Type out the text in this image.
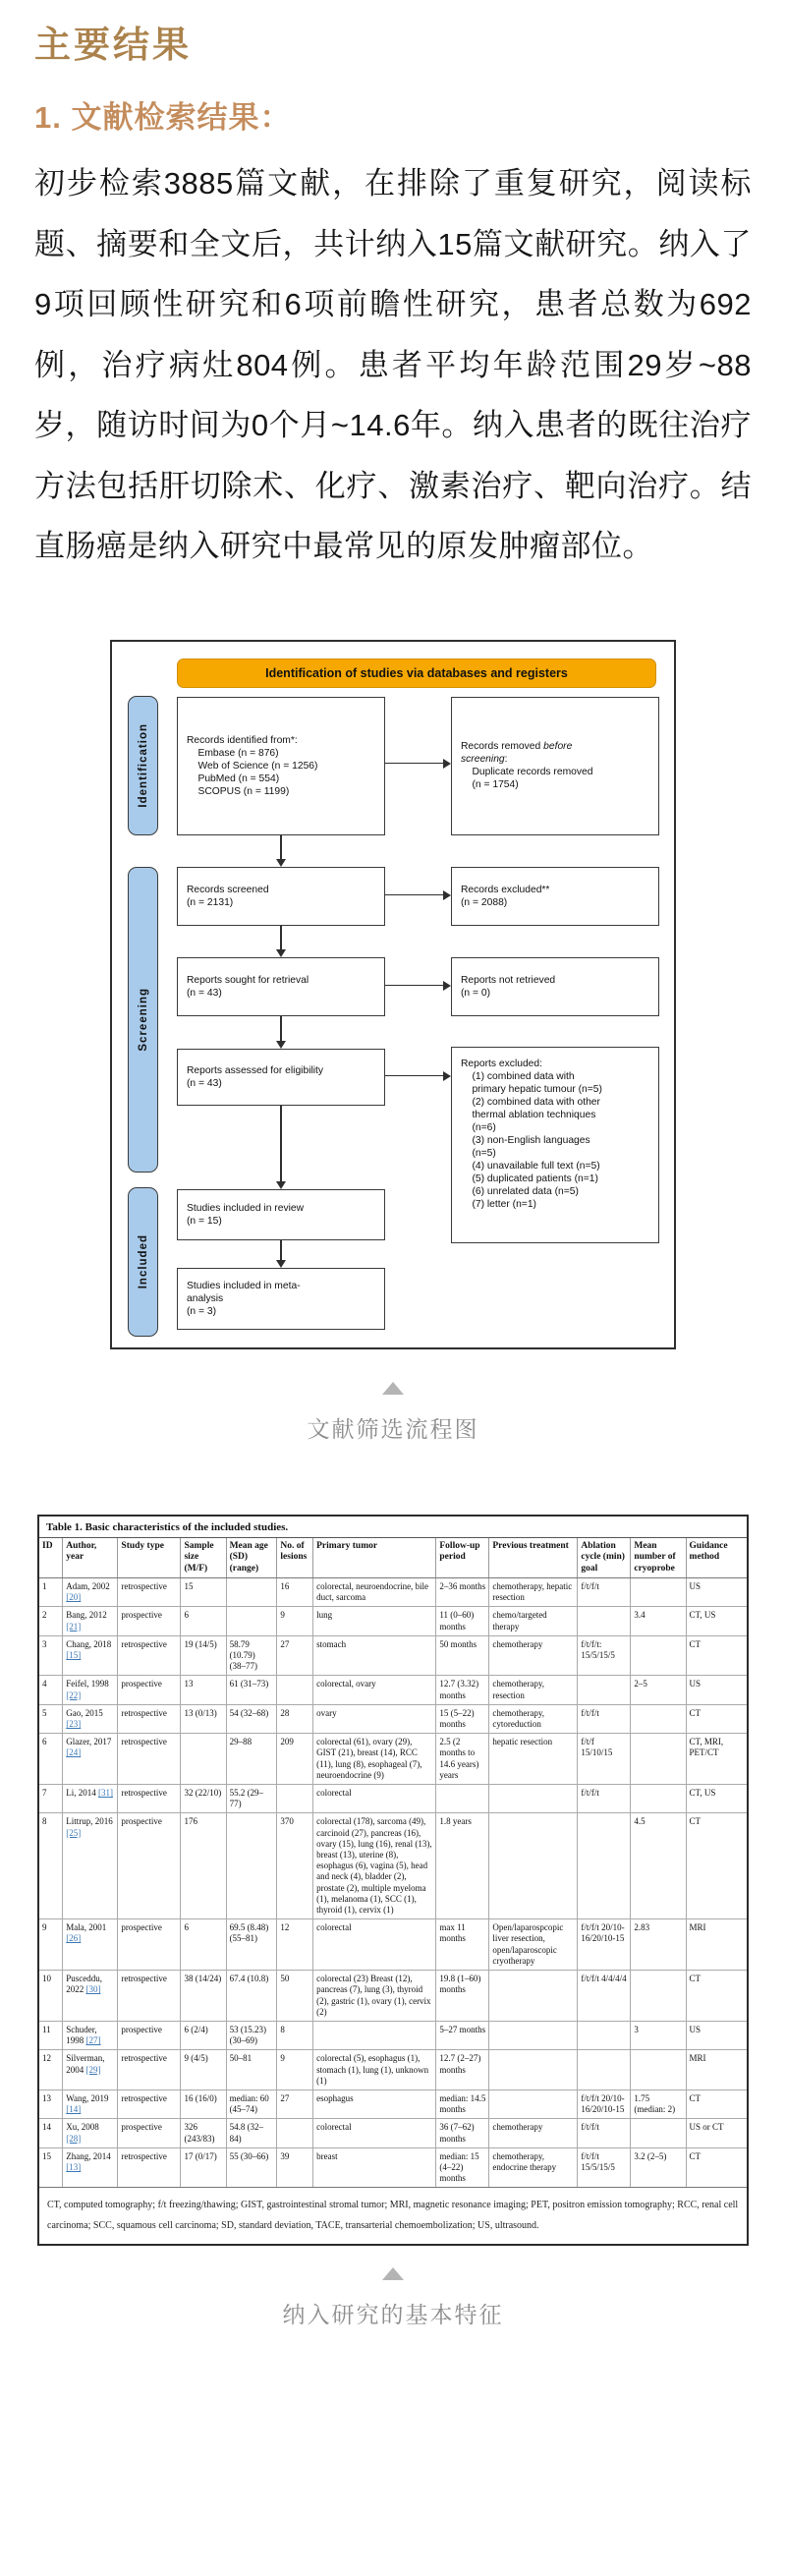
主要结果
1. 文献检索结果：
初步检索3885篇文献，在排除了重复研究，阅读标题、摘要和全文后，共计纳入15篇文献研究。纳入了9项回顾性研究和6项前瞻性研究，患者总数为692例，治疗病灶804例。患者平均年龄范围29岁~88岁，随访时间为0个月~14.6年。纳入患者的既往治疗方法包括肝切除术、化疗、激素治疗、靶向治疗。结直肠癌是纳入研究中最常见的原发肿瘤部位。
Identification of studies via databases and registers
Identification
Screening
Included
Records identified from*:
Embase (n = 876)
Web of Science (n = 1256)
PubMed (n = 554)
SCOPUS (n = 1199)
Records removed before
screening:
Duplicate records removed
(n = 1754)
Records screened
(n = 2131)
Records excluded**
(n = 2088)
Reports sought for retrieval
(n = 43)
Reports not retrieved
(n = 0)
Reports assessed for eligibility
(n = 43)
Reports excluded:
(1) combined data with
primary hepatic tumour (n=5)
(2) combined data with other
thermal ablation techniques
(n=6)
(3) non-English languages
(n=5)
(4) unavailable full text (n=5)
(5) duplicated patients (n=1)
(6) unrelated data (n=5)
(7) letter (n=1)
Studies included in review
(n = 15)
Studies included in meta-
analysis
(n = 3)
文献筛选流程图
Table 1. Basic characteristics of the included studies.
ID	Author, year	Study type	Sample size (M/F)	Mean age (SD) (range)	No. of lesions	Primary tumor	Follow-up period	Previous treatment	Ablation cycle (min) goal	Mean number of cryoprobe	Guidance method
1	Adam, 2002 [20]	retrospective	15		16	colorectal, neuroendocrine, bile duct, sarcoma	2–36 months	chemotherapy, hepatic resection	f/t/f/t		US
2	Bang, 2012 [21]	prospective	6		9	lung	11 (0–60) months	chemo/targeted therapy		3.4	CT, US
3	Chang, 2018 [15]	retrospective	19 (14/5)	58.79 (10.79) (38–77)	27	stomach	50 months	chemotherapy	f/t/f/t: 15/5/15/5		CT
4	Feifel, 1998 [22]	prospective	13	61 (31–73)		colorectal, ovary	12.7 (3.32) months	chemotherapy, resection		2–5	US
5	Gao, 2015 [23]	retrospective	13 (0/13)	54 (32–68)	28	ovary	15 (5–22) months	chemotherapy, cytoreduction	f/t/f/t		CT
6	Glazer, 2017 [24]	retrospective		29–88	209	colorectal (61), ovary (29), GIST (21), breast (14), RCC (11), lung (8), esophageal (7), neuroendocrine (9)	2.5 (2 months to 14.6 years) years	hepatic resection	f/t/f 15/10/15		CT, MRI, PET/CT
7	Li, 2014 [31]	retrospective	32 (22/10)	55.2 (29–77)		colorectal			f/t/f/t		CT, US
8	Littrup, 2016 [25]	prospective	176		370	colorectal (178), sarcoma (49), carcinoid (27), pancreas (16), ovary (15), lung (16), renal (13), breast (13), uterine (8), esophagus (6), vagina (5), head and neck (4), bladder (2), prostate (2), multiple myeloma (1), melanoma (1), SCC (1), thyroid (1), cervix (1)	1.8 years			4.5	CT
9	Mala, 2001 [26]	prospective	6	69.5 (8.48) (55–81)	12	colorectal	max 11 months	Open/laparospcopic liver resection, open/laparoscopic cryotherapy	f/t/f/t 20/10-16/20/10-15	2.83	MRI
10	Pusceddu, 2022 [30]	retrospective	38 (14/24)	67.4 (10.8)	50	colorectal (23) Breast (12), pancreas (7), lung (3), thyroid (2), gastric (1), ovary (1), cervix (2)	19.8 (1–60) months		f/t/f/t 4/4/4/4		CT
11	Schuder, 1998 [27]	prospective	6 (2/4)	53 (15.23) (30–69)	8		5–27 months			3	US
12	Silverman, 2004 [29]	retrospective	9 (4/5)	50–81	9	colorectal (5), esophagus (1), stomach (1), lung (1), unknown (1)	12.7 (2–27) months				MRI
13	Wang, 2019 [14]	retrospective	16 (16/0)	median: 60 (45–74)	27	esophagus	median: 14.5 months		f/t/f/t 20/10-16/20/10-15	1.75 (median: 2)	CT
14	Xu, 2008 [28]	prospective	326 (243/83)	54.8 (32–84)		colorectal	36 (7–62) months	chemotherapy	f/t/f/t		US or CT
15	Zhang, 2014 [13]	retrospective	17 (0/17)	55 (30–66)	39	breast	median: 15 (4–22) months	chemotherapy, endocrine therapy	f/t/f/t 15/5/15/5	3.2 (2–5)	CT
CT, computed tomography; f/t freezing/thawing; GIST, gastrointestinal stromal tumor; MRI, magnetic resonance imaging; PET, positron emission tomography; RCC, renal cell carcinoma; SCC, squamous cell carcinoma; SD, standard deviation, TACE, transarterial chemoembolization; US, ultrasound.
纳入研究的基本特征
